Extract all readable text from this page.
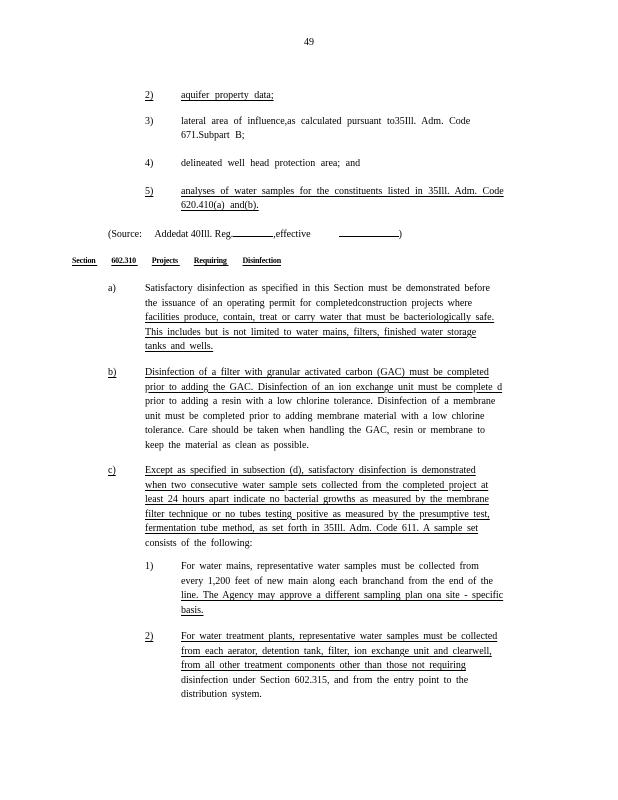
49
2)	aquifer property data;
3)	lateral area of influence,as calculated pursuant to35Ill. Adm. Code
671.Subpart B;
4)	delineated well head protection area; and
5)	analyses of water samples for the constituents listed in 35Ill. Adm. Code
620.410(a) and(b).
(Source: Addedat 40Ill. Reg.	,effective	)
Section 602.310 Projects Requiring Disinfection
a)	Satisfactory disinfection as specified in this Section must be demonstrated before
the issuance of an operating permit for completedconstruction projects where
facilities produce, contain, treat or carry water that must be bacteriologically safe.
This includes but is not limited to water mains, filters, finished water storage
tanks and wells.
b)	Disinfection of a filter with granular activated carbon (GAC) must be completed
prior to adding the GAC. Disinfection of an ion exchange unit must be complete d
prior to adding a resin with a low chlorine tolerance. Disinfection of a membrane
unit must be completed prior to adding membrane material with a low chlorine
tolerance. Care should be taken when handling the GAC, resin or membrane to
keep the material as clean as possible.
c)	Except as specified in subsection (d), satisfactory disinfection is demonstrated
when two consecutive water sample sets collected from the completed project at
least 24 hours apart indicate no bacterial growths as measured by the membrane
filter technique or no tubes testing positive as measured by the presumptive test,
fermentation tube method, as set forth in 35Ill. Adm. Code 611. A sample set
consists of the following:
1)	For water mains, representative water samples must be collected from
every 1,200 feet of new main along each branchand from the end of the
line. The Agency may approve a different sampling plan ona site - specific
basis.
2)	For water treatment plants, representative water samples must be collected
from each aerator, detention tank, filter, ion exchange unit and clearwell,
from all other treatment components other than those not requiring
disinfection under Section 602.315, and from the entry point to the
distribution system.
